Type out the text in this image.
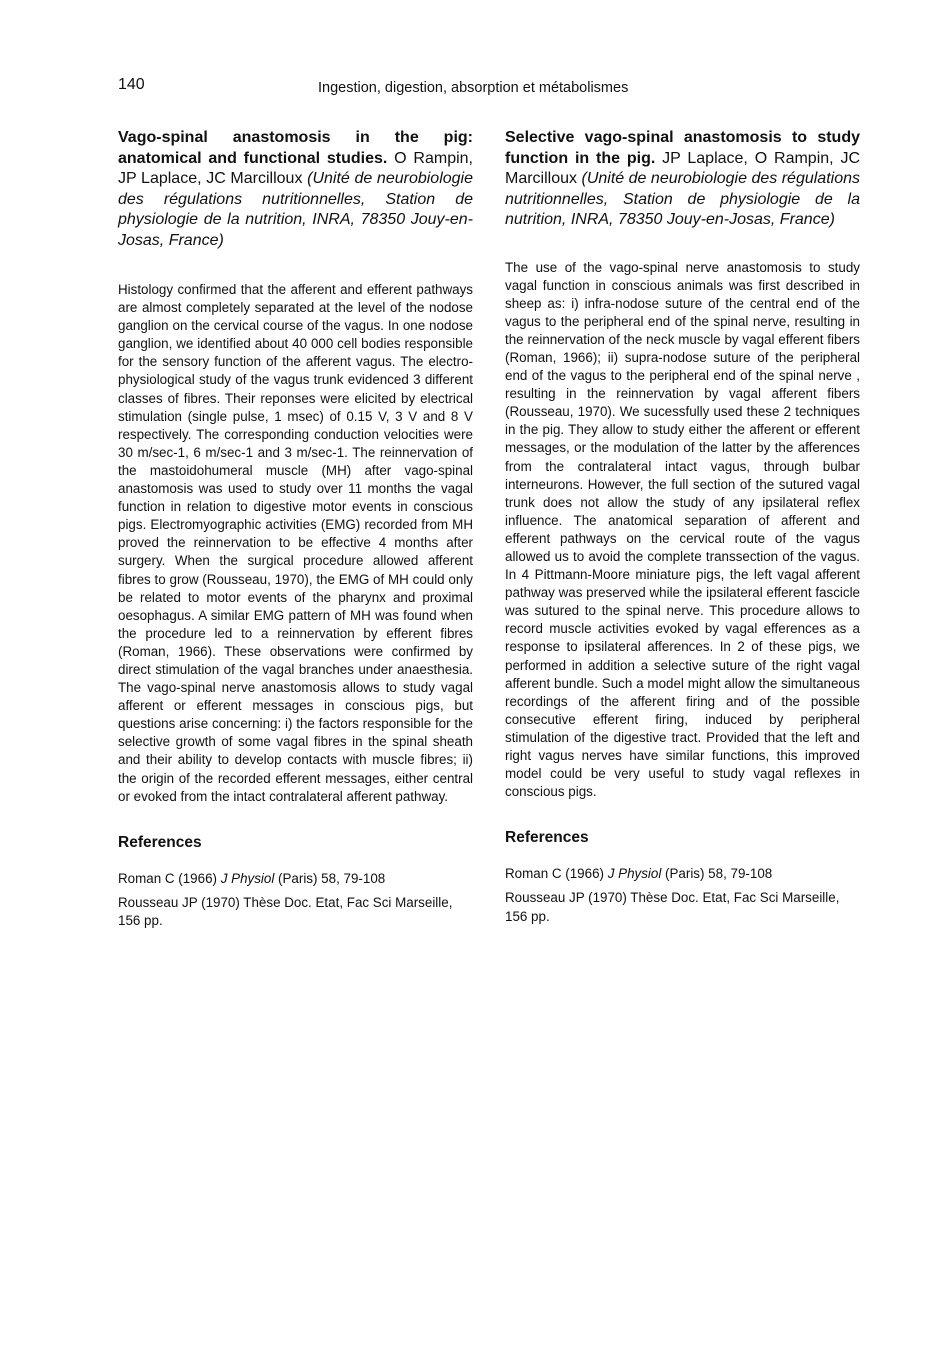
140	Ingestion, digestion, absorption et métabolismes

Vago-spinal anastomosis in the pig: anatomical and functional studies. O Rampin, JP Laplace, JC Marcilloux (Unité de neurobiologie des régulations nutritionnelles, Station de physiologie de la nutrition, INRA, 78350 Jouy-en-Josas, France)

Histology confirmed that the afferent and efferent pathways are almost completely separated at the level of the nodose ganglion on the cervical course of the vagus. In one nodose ganglion, we identified about 40 000 cell bodies responsible for the sensory function of the afferent vagus. The electro-physiological study of the vagus trunk evidenced 3 different classes of fibres. Their reponses were elicited by electrical stimulation (single pulse, 1 msec) of 0.15 V, 3 V and 8 V respectively. The corresponding conduction velocities were 30 m/sec-1, 6 m/sec-1 and 3 m/sec-1. The reinnervation of the mastoidohumeral muscle (MH) after vago-spinal anastomosis was used to study over 11 months the vagal function in relation to digestive motor events in conscious pigs. Electromyographic activities (EMG) recorded from MH proved the reinnervation to be effective 4 months after surgery. When the surgical procedure allowed afferent fibres to grow (Rousseau, 1970), the EMG of MH could only be related to motor events of the pharynx and proximal oesophagus. A similar EMG pattern of MH was found when the procedure led to a reinnervation by efferent fibres (Roman, 1966). These observations were confirmed by direct stimulation of the vagal branches under anaesthesia. The vago-spinal nerve anastomosis allows to study vagal afferent or efferent messages in conscious pigs, but questions arise concerning: i) the factors responsible for the selective growth of some vagal fibres in the spinal sheath and their ability to develop contacts with muscle fibres; ii) the origin of the recorded efferent messages, either central or evoked from the intact contralateral afferent pathway.

References

Roman C (1966) J Physiol (Paris) 58, 79-108

Rousseau JP (1970) Thèse Doc. Etat, Fac Sci Marseille, 156 pp.

Selective vago-spinal anastomosis to study function in the pig. JP Laplace, O Rampin, JC Marcilloux (Unité de neurobiologie des régulations nutritionnelles, Station de physiologie de la nutrition, INRA, 78350 Jouy-en-Josas, France)

The use of the vago-spinal nerve anastomosis to study vagal function in conscious animals was first described in sheep as: i) infra-nodose suture of the central end of the vagus to the peripheral end of the spinal nerve, resulting in the reinnervation of the neck muscle by vagal efferent fibers (Roman, 1966); ii) supra-nodose suture of the peripheral end of the vagus to the peripheral end of the spinal nerve , resulting in the reinnervation by vagal afferent fibers (Rousseau, 1970). We sucessfully used these 2 techniques in the pig. They allow to study either the afferent or efferent messages, or the modulation of the latter by the afferences from the contralateral intact vagus, through bulbar interneurons. However, the full section of the sutured vagal trunk does not allow the study of any ipsilateral reflex influence. The anatomical separation of afferent and efferent pathways on the cervical route of the vagus allowed us to avoid the complete transsection of the vagus. In 4 Pittmann-Moore miniature pigs, the left vagal afferent pathway was preserved while the ipsilateral efferent fascicle was sutured to the spinal nerve. This procedure allows to record muscle activities evoked by vagal efferences as a response to ipsilateral afferences. In 2 of these pigs, we performed in addition a selective suture of the right vagal afferent bundle. Such a model might allow the simultaneous recordings of the afferent firing and of the possible consecutive efferent firing, induced by peripheral stimulation of the digestive tract. Provided that the left and right vagus nerves have similar functions, this improved model could be very useful to study vagal reflexes in conscious pigs.

References

Roman C (1966) J Physiol (Paris) 58, 79-108

Rousseau JP (1970) Thèse Doc. Etat, Fac Sci Marseille, 156 pp.
